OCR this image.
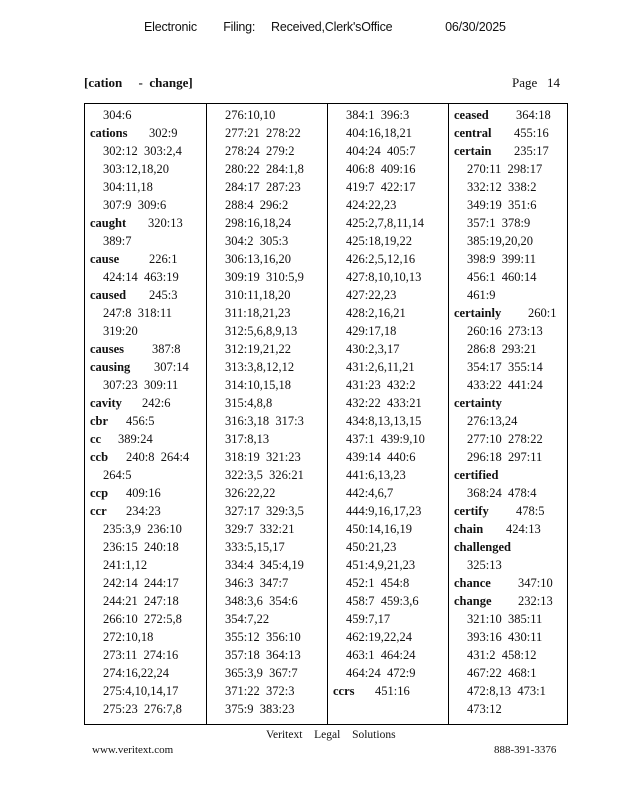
Electronic     Filing:   Received,Clerk'sOffice          06/30/2025
[cation     -  change]	Page   14
304:6
cations 302:9
302:12  303:2,4
303:12,18,20
304:11,18
307:9  309:6
caught 320:13
389:7
cause 226:1
424:14  463:19
caused 245:3
247:8  318:11
319:20
causes 387:8
causing 307:14
307:23  309:11
cavity 242:6
cbr 456:5
cc 389:24
ccb 240:8  264:4
264:5
ccp 409:16
ccr 234:23
235:3,9  236:10
236:15  240:18
241:1,12
242:14  244:17
244:21  247:18
266:10  272:5,8
272:10,18
273:11  274:16
274:16,22,24
275:4,10,14,17
275:23  276:7,8
276:10,10
277:21  278:22
278:24  279:2
280:22  284:1,8
284:17  287:23
288:4  296:2
298:16,18,24
304:2  305:3
306:13,16,20
309:19  310:5,9
310:11,18,20
311:18,21,23
312:5,6,8,9,13
312:19,21,22
313:3,8,12,12
314:10,15,18
315:4,8,8
316:3,18  317:3
317:8,13
318:19  321:23
322:3,5  326:21
326:22,22
327:17  329:3,5
329:7  332:21
333:5,15,17
334:4  345:4,19
346:3  347:7
348:3,6  354:6
354:7,22
355:12  356:10
357:18  364:13
365:3,9  367:7
371:22  372:3
375:9  383:23
384:1  396:3
404:16,18,21
404:24  405:7
406:8  409:16
419:7  422:17
424:22,23
425:2,7,8,11,14
425:18,19,22
426:2,5,12,16
427:8,10,10,13
427:22,23
428:2,16,21
429:17,18
430:2,3,17
431:2,6,11,21
431:23  432:2
432:22  433:21
434:8,13,13,15
437:1  439:9,10
439:14  440:6
441:6,13,23
442:4,6,7
444:9,16,17,23
450:14,16,19
450:21,23
451:4,9,21,23
452:1  454:8
458:7  459:3,6
459:7,17
462:19,22,24
463:1  464:24
464:24  472:9
ccrs 451:16
ceased 364:18
central 455:16
certain 235:17
270:11  298:17
332:12  338:2
349:19  351:6
357:1  378:9
385:19,20,20
398:9  399:11
456:1  460:14
461:9
certainly 260:1
260:16  273:13
286:8  293:21
354:17  355:14
433:22  441:24
certainty
276:13,24
277:10  278:22
296:18  297:11
certified
368:24  478:4
certify 478:5
chain 424:13
challenged
325:13
chance 347:10
change 232:13
321:10  385:11
393:16  430:11
431:2  458:12
467:22  468:1
472:8,13  473:1
473:12
Veritext  Legal  Solutions
www.veritext.com	888-391-3376
